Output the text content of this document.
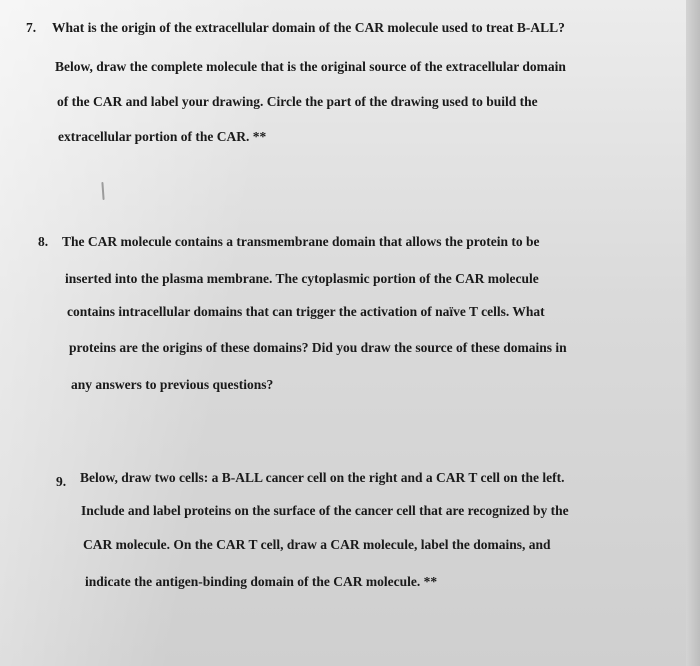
7. What is the origin of the extracellular domain of the CAR molecule used to treat B-ALL?
Below, draw the complete molecule that is the original source of the extracellular domain
of the CAR and label your drawing. Circle the part of the drawing used to build the
extracellular portion of the CAR. **
8. The CAR molecule contains a transmembrane domain that allows the protein to be
inserted into the plasma membrane. The cytoplasmic portion of the CAR molecule
contains intracellular domains that can trigger the activation of naïve T cells. What
proteins are the origins of these domains? Did you draw the source of these domains in
any answers to previous questions?
9. Below, draw two cells: a B-ALL cancer cell on the right and a CAR T cell on the left.
Include and label proteins on the surface of the cancer cell that are recognized by the
CAR molecule. On the CAR T cell, draw a CAR molecule, label the domains, and
indicate the antigen-binding domain of the CAR molecule. **
